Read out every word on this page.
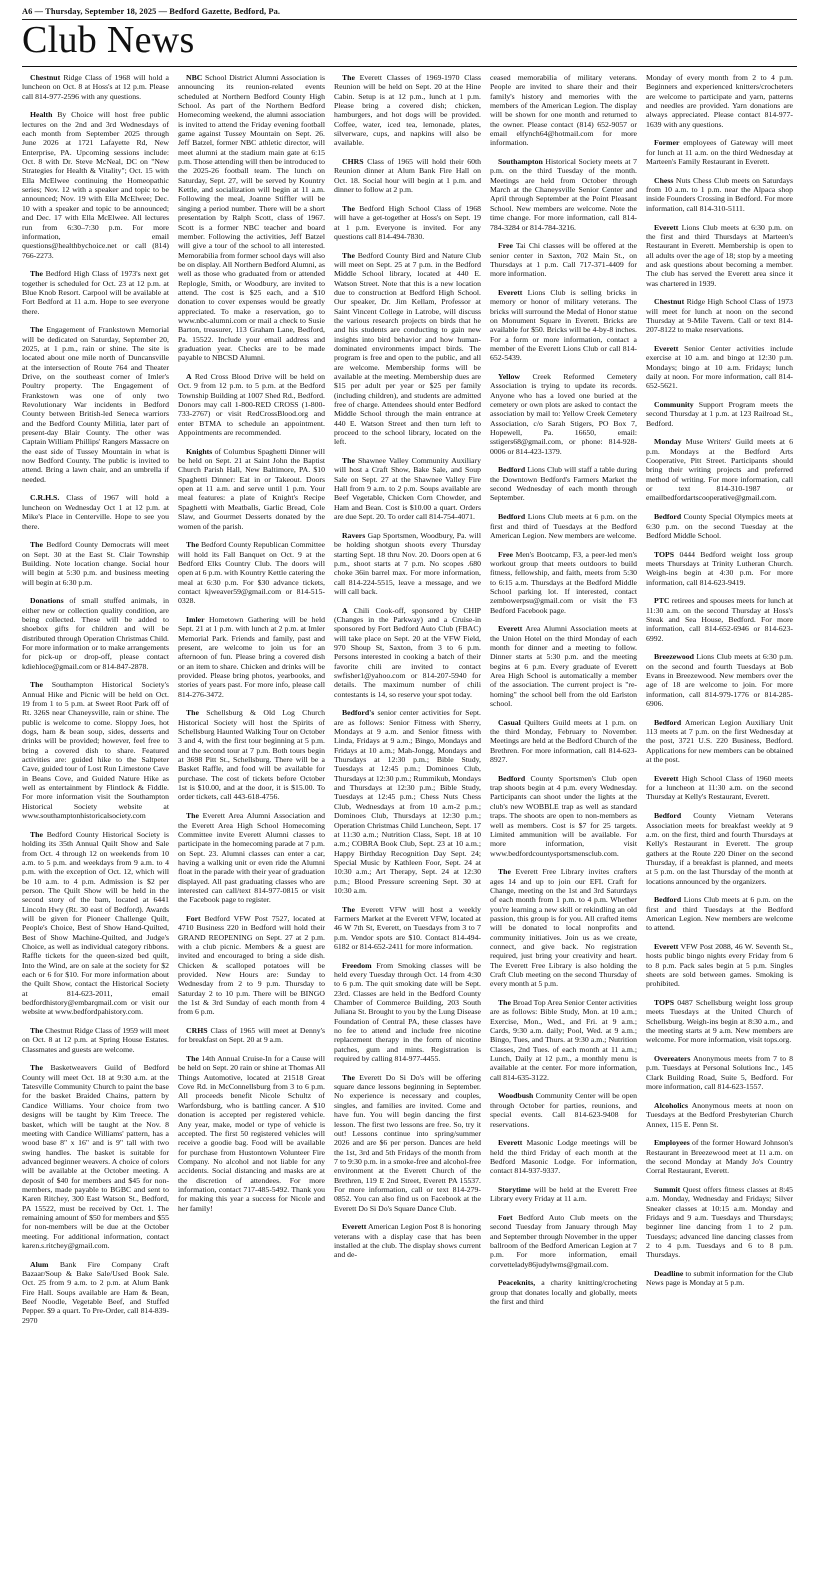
A6 — Thursday, September 18, 2025 — Bedford Gazette, Bedford, Pa.
Club News

Chestnut Ridge Class of 1968 will hold a luncheon on Oct. 8 at Hoss's at 12 p.m. Please call 814-977-2596 with any questions.

Health By Choice will host free public lectures on the 2nd and 3rd Wednesdays of each month from September 2025 through June 2026 at 1721 Lafayette Rd, New Enterprise, PA. Upcoming sessions include: Oct. 8 with Dr. Steve McNeal, DC on "New Strategies for Health & Vitality"; Oct. 15 with Ella McElwee continuing the Homeopathic series; Nov. 12 with a speaker and topic to be announced; Nov. 19 with Ella McElwee; Dec. 10 with a speaker and topic to be announced; and Dec. 17 with Ella McElwee. All lectures run from 6:30–7:30 p.m. For more information, email questions@healthbychoice.net or call (814) 766-2273.

The Bedford High Class of 1973's next get together is scheduled for Oct. 23 at 12 p.m. at Blue Knob Resort. Carpool will be available at Fort Bedford at 11 a.m. Hope to see everyone there.

The Engagement of Frankstown Memorial will be dedicated on Saturday, September 20, 2025, at 1 p.m., rain or shine. The site is located about one mile north of Duncansville at the intersection of Route 764 and Theater Drive, on the southeast corner of Imler's Poultry property. The Engagement of Frankstown was one of only two Revolutionary War incidents in Bedford County between British-led Seneca warriors and the Bedford County Militia, later part of present-day Blair County. The other was Captain William Phillips' Rangers Massacre on the east side of Tussey Mountain in what is now Bedford County. The public is invited to attend. Bring a lawn chair, and an umbrella if needed.

C.R.H.S. Class of 1967 will hold a luncheon on Wednesday Oct 1 at 12 p.m. at Mike's Place in Centerville. Hope to see you there.

The Bedford County Democrats will meet on Sept. 30 at the East St. Clair Township Building. Note location change. Social hour will begin at 5:30 p.m. and business meeting will begin at 6:30 p.m.

Donations of small stuffed animals, in either new or collection quality condition, are being collected. These will be added to shoebox gifts for children and will be distributed through Operation Christmas Child. For more information or to make arrangements for pick-up or drop-off, please contact kdiehloce@gmail.com or 814-847-2878.

The Southampton Historical Society's Annual Hike and Picnic will be held on Oct. 19 from 1 to 5 p.m. at Sweet Root Park off of Rt. 326S near Chaneysville, rain or shine. The public is welcome to come. Sloppy Joes, hot dogs, ham & bean soup, sides, desserts and drinks will be provided; however, feel free to bring a covered dish to share. Featured activities are: guided hike to the Saltpeter Cave, guided tour of Lost Run Limestone Cave in Beans Cove, and Guided Nature Hike as well as entertainment by Flintlock & Fiddle. For more information visit the Southampton Historical Society website at www.southamptonhistoricalsociety.com

The Bedford County Historical Society is holding its 35th Annual Quilt Show and Sale from Oct. 4 through 12 on weekends from 10 a.m. to 5 p.m. and weekdays from 9 a.m. to 4 p.m. with the exception of Oct. 12, which will be 10 a.m. to 4 p.m. Admission is $2 per person. The Quilt Show will be held in the second story of the barn, located at 6441 Lincoln Hwy (Rt. 30 east of Bedford). Awards will be given for Pioneer Challenge Quilt, People's Choice, Best of Show Hand-Quilted, Best of Show Machine-Quilted, and Judge's Choice, as well as individual category ribbons. Raffle tickets for the queen-sized bed quilt, Into the Wind, are on sale at the society for $2 each or 6 for $10. For more information about the Quilt Show, contact the Historical Society at 814-623-2011, email bedfordhistory@embarqmail.com or visit our website at www.bedfordpahistory.com.

The Chestnut Ridge Class of 1959 will meet on Oct. 8 at 12 p.m. at Spring House Estates. Classmates and guests are welcome.

The Basketweavers Guild of Bedford County will meet Oct. 18 at 9:30 a.m. at the Tatesville Community Church to paint the base for the basket Braided Chains, pattern by Candice Williams. Your choice from two designs will be taught by Kim Treece. The basket, which will be taught at the Nov. 8 meeting with Candice Williams' pattern, has a wood base 8" x 16" and is 9" tall with two swing handles. The basket is suitable for advanced beginner weavers. A choice of colors will be available at the October meeting. A deposit of $40 for members and $45 for non-members, made payable to BGBC and sent to Karen Ritchey, 300 East Watson St., Bedford, PA 15522, must be received by Oct. 1. The remaining amount of $50 for members and $55 for non-members will be due at the October meeting. For additional information, contact karen.s.ritchey@gmail.com.

Alum Bank Fire Company Craft Bazaar/Soup & Bake Sale/Used Book Sale. Oct. 25 from 9 a.m. to 2 p.m. at Alum Bank Fire Hall. Soups available are Ham & Bean, Beef Noodle, Vegetable Beef, and Stuffed Pepper. $9 a quart. To Pre-Order, call 814-839-2970

NBC School District Alumni Association is announcing its reunion-related events scheduled at Northern Bedford County High School. As part of the Northern Bedford Homecoming weekend, the alumni association is invited to attend the Friday evening football game against Tussey Mountain on Sept. 26. Jeff Batzel, former NBC athletic director, will meet alumni at the stadium main gate at 6:15 p.m. Those attending will then be introduced to the 2025-26 football team. The lunch on Saturday, Sept. 27, will be served by Kountry Kettle, and socialization will begin at 11 a.m. Following the meal, Joanne Stiffler will be singing a period number. There will be a short presentation by Ralph Scott, class of 1967. Scott is a former NBC teacher and board member. Following the activities, Jeff Batzel will give a tour of the school to all interested. Memorabilia from former school days will also be on display. All Northern Bedford Alumni, as well as those who graduated from or attended Replogle, Smith, or Woodbury, are invited to attend. The cost is $25 each, and a $10 donation to cover expenses would be greatly appreciated. To make a reservation, go to www.nbc-alumni.com or mail a check to Susie Barton, treasurer, 113 Graham Lane, Bedford, Pa. 15522. Include your email address and graduation year. Checks are to be made payable to NBCSD Alumni.

A Red Cross Blood Drive will be held on Oct. 9 from 12 p.m. to 5 p.m. at the Bedford Township Building at 1007 Shed Rd., Bedford. Donors may call 1-800-RED CROSS (1-800-733-2767) or visit RedCrossBlood.org and enter BTMA to schedule an appointment. Appointments are recommended.

Knights of Columbus Spaghetti Dinner will be held on Sept. 21 at Saint John the Baptist Church Parish Hall, New Baltimore, PA. $10 Spaghetti Dinner: Eat in or Takeout. Doors open at 11 a.m. and serve until 1 p.m. Your meal features: a plate of Knight's Recipe Spaghetti with Meatballs, Garlic Bread, Cole Slaw, and Gourmet Desserts donated by the women of the parish.

The Bedford County Republican Committee will hold its Fall Banquet on Oct. 9 at the Bedford Elks Country Club. The doors will open at 6 p.m. with Kountry Kettle catering the meal at 6:30 p.m. For $30 advance tickets, contact kjweaver59@gmail.com or 814-515-0328.

Imler Hometown Gathering will be held Sept. 21 at 1 p.m. with lunch at 2 p.m. at Imler Memorial Park. Friends and family, past and present, are welcome to join us for an afternoon of fun. Please bring a covered dish or an item to share. Chicken and drinks will be provided. Please bring photos, yearbooks, and stories of years past. For more info, please call 814-276-3472.

The Schellsburg & Old Log Church Historical Society will host the Spirits of Schellsburg Haunted Walking Tour on October 3 and 4, with the first tour beginning at 5 p.m. and the second tour at 7 p.m. Both tours begin at 3698 Pitt St., Schellsburg. There will be a Basket Raffle, and food will be available for purchase. The cost of tickets before October 1st is $10.00, and at the door, it is $15.00. To order tickets, call 443-618-4756.

The Everett Area Alumni Association and the Everett Area High School Homecoming Committee invite Everett Alumni classes to participate in the homecoming parade at 7 p.m. on Sept. 23. Alumni classes can enter a car, having a walking unit or even ride the Alumni float in the parade with their year of graduation displayed. All past graduating classes who are interested can call/text 814-977-0815 or visit the Facebook page to register.

Fort Bedford VFW Post 7527, located at 4710 Business 220 in Bedford will hold their GRAND REOPENING on Sept. 27 at 2 p.m. with a club picnic. Members & a guest are invited and encouraged to bring a side dish. Chicken & scalloped potatoes will be provided. New Hours are: Sunday to Wednesday from 2 to 9 p.m. Thursday to Saturday 2 to 10 p.m. There will be BINGO the 1st & 3rd Sunday of each month from 4 from 6 p.m.

CRHS Class of 1965 will meet at Denny's for breakfast on Sept. 20 at 9 a.m.

The 14th Annual Cruise-In for a Cause will be held on Sept. 20 rain or shine at Thomas All Things Automotive, located at 21518 Great Cove Rd. in McConnellsburg from 3 to 6 p.m. All proceeds benefit Nicole Schultz of Warfordsburg, who is battling cancer. A $10 donation is accepted per registered vehicle. Any year, make, model or type of vehicle is accepted. The first 50 registered vehicles will receive a goodie bag. Food will be available for purchase from Hustontown Volunteer Fire Company. No alcohol and not liable for any accidents. Social distancing and masks are at the discretion of attendees. For more information, contact 717-485-5492. Thank you for making this year a success for Nicole and her family!

The Everett Classes of 1969-1970 Class Reunion will be held on Sept. 20 at the Hine Cabin. Setup is at 12 p.m., lunch at 1 p.m. Please bring a covered dish; chicken, hamburgers, and hot dogs will be provided. Coffee, water, iced tea, lemonade, plates, silverware, cups, and napkins will also be available.

CHRS Class of 1965 will hold their 60th Reunion dinner at Alum Bank Fire Hall on Oct. 18. Social hour will begin at 1 p.m. and dinner to follow at 2 p.m.

The Bedford High School Class of 1968 will have a get-together at Hoss's on Sept. 19 at 1 p.m. Everyone is invited. For any questions call 814-494-7830.

The Bedford County Bird and Nature Club will meet on Sept. 25 at 7 p.m. in the Bedford Middle School library, located at 440 E. Watson Street. Note that this is a new location due to construction at Bedford High School. Our speaker, Dr. Jim Kellam, Professor at Saint Vincent College in Latrobe, will discuss the various research projects on birds that he and his students are conducting to gain new insights into bird behavior and how human-dominated environments impact birds. The program is free and open to the public, and all are welcome. Membership forms will be available at the meeting. Membership dues are $15 per adult per year or $25 per family (including children), and students are admitted free of charge. Attendees should enter Bedford Middle School through the main entrance at 440 E. Watson Street and then turn left to proceed to the school library, located on the left.

The Shawnee Valley Community Auxiliary will host a Craft Show, Bake Sale, and Soup Sale on Sept. 27 at the Shawnee Valley Fire Hall from 9 a.m. to 2 p.m. Soups available are Beef Vegetable, Chicken Corn Chowder, and Ham and Bean. Cost is $10.00 a quart. Orders are due Sept. 20. To order call 814-754-4071.

Ravers Gap Sportsmen, Woodbury, Pa. will be holding shotgun shoots every Thursday starting Sept. 18 thru Nov. 20. Doors open at 6 p.m., shoot starts at 7 p.m. No scopes .680 choke 36in barrel max. For more information, call 814-224-5515, leave a message, and we will call back.

A Chili Cook-off, sponsored by CHIP (Changes in the Parkway) and a Cruise-in sponsored by Fort Bedford Auto Club (FBAC) will take place on Sept. 20 at the VFW Field, 970 Shoup St, Saxton, from 3 to 6 p.m. Persons interested in cooking a batch of their favorite chili are invited to contact swfisher1@yahoo.com or 814-207-5940 for details. The maximum number of chili contestants is 14, so reserve your spot today.

Bedford's senior center activities for Sept. are as follows: Senior Fitness with Sherry, Mondays at 9 a.m. and Senior fitness with Linda, Fridays at 9 a.m.; Bingo, Mondays and Fridays at 10 a.m.; Mah-Jongg, Mondays and Thursdays at 12:30 p.m.; Bible Study, Tuesdays at 12:45 p.m.; Dominoes Club, Thursdays at 12:30 p.m.; Rummikub, Mondays and Thursdays at 12:30 p.m.; Bible Study, Tuesdays at 12:45 p.m.; Chess Nuts Chess Club, Wednesdays at from 10 a.m-2 p.m.; Dominoes Club, Thursdays at 12:30 p.m.; Operation Christmas Child Luncheon, Sept. 17 at 11:30 a.m.; Nutrition Class, Sept. 18 at 10 a.m.; COBRA Book Club, Sept. 23 at 10 a.m.; Happy Birthday Recognition Day Sept. 24; Special Music by Kathleen Foor, Sept. 24 at 10:30 a.m.; Art Therapy, Sept. 24 at 12:30 p.m.; Blood Pressure screening Sept. 30 at 10:30 a.m.

The Everett VFW will host a weekly Farmers Market at the Everett VFW, located at 46 W 7th St, Everett, on Tuesdays from 3 to 7 p.m. Vendor spots are $10. Contact 814-494-6182 or 814-652-2411 for more information.

Freedom From Smoking classes will be held every Tuesday through Oct. 14 from 4:30 to 6 p.m. The quit smoking date will be Sept. 23rd. Classes are held in the Bedford County Chamber of Commerce Building, 203 South Juliana St. Brought to you by the Lung Disease Foundation of Central PA, these classes have no fee to attend and include free nicotine replacement therapy in the form of nicotine patches, gum and mints. Registration is required by calling 814-977-4455.

The Everett Do Si Do's will be offering square dance lessons beginning in September. No experience is necessary and couples, singles, and families are invited. Come and have fun. You will begin dancing the first lesson. The first two lessons are free. So, try it out! Lessons continue into spring/summer 2026 and are $6 per person. Dances are held the 1st, 3rd and 5th Fridays of the month from 7 to 9:30 p.m. in a smoke-free and alcohol-free environment at the Everett Church of the Brethren, 119 E 2nd Street, Everett PA 15537. For more information, call or text 814-279-0852. You can also find us on Facebook at the Everett Do Si Do's Square Dance Club.

Everett American Legion Post 8 is honoring veterans with a display case that has been installed at the club. The display shows current and de-

ceased memorabilia of military veterans. People are invited to share their and their family's history and memories with the members of the American Legion. The display will be shown for one month and returned to the owner. Please contact (814) 652-9057 or email elfynch64@hotmail.com for more information.

Southampton Historical Society meets at 7 p.m. on the third Tuesday of the month. Meetings are held from October through March at the Chaneysville Senior Center and April through September at the Point Pleasant School. New members are welcome. Note the time change. For more information, call 814-784-3284 or 814-784-3216.

Free Tai Chi classes will be offered at the senior center in Saxton, 702 Main St., on Thursdays at 1 p.m. Call 717-371-4409 for more information.

Everett Lions Club is selling bricks in memory or honor of military veterans. The bricks will surround the Medal of Honor statue on Monument Square in Everett. Bricks are available for $50. Bricks will be 4-by-8 inches. For a form or more information, contact a member of the Everett Lions Club or call 814-652-5439.

Yellow Creek Reformed Cemetery Association is trying to update its records. Anyone who has a loved one buried at the cemetery or own plots are asked to contact the association by mail to: Yellow Creek Cemetery Association, c/o Sarah Stigers, PO Box 7, Hopewell, Pa. 16650, email: sstigers68@gmail.com, or phone: 814-928-0006 or 814-423-1379.

Bedford Lions Club will staff a table during the Downtown Bedford's Farmers Market the second Wednesday of each month through September.

Bedford Lions Club meets at 6 p.m. on the first and third of Tuesdays at the Bedford American Legion. New members are welcome.

Free Men's Bootcamp, F3, a peer-led men's workout group that meets outdoors to build fitness, fellowship, and faith, meets from 5:30 to 6:15 a.m. Thursdays at the Bedford Middle School parking lot. If interested, contact zembowerpsu@gmail.com or visit the F3 Bedford Facebook page.

Everett Area Alumni Association meets at the Union Hotel on the third Monday of each month for dinner and a meeting to follow. Dinner starts at 5:30 p.m. and the meeting begins at 6 p.m. Every graduate of Everett Area High School is automatically a member of the association. The current project is "re-homing" the school bell from the old Earlston school.

Casual Quilters Guild meets at 1 p.m. on the third Monday, February to November. Meetings are held at the Bedford Church of the Brethren. For more information, call 814-623-8927.

Bedford County Sportsmen's Club open trap shoots begin at 4 p.m. every Wednesday. Participants can shoot under the lights at the club's new WOBBLE trap as well as standard traps. The shoots are open to non-members as well as members. Cost is $7 for 25 targets. Limited ammunition will be available. For more information, visit www.bedfordcountysportsmensclub.com.

The Everett Free Library invites crafters ages 14 and up to join our EFL Craft for Change, meeting on the 1st and 3rd Saturdays of each month from 1 p.m. to 4 p.m. Whether you're learning a new skill or rekindling an old passion, this group is for you. All crafted items will be donated to local nonprofits and community initiatives. Join us as we create, connect, and give back. No registration required, just bring your creativity and heart. The Everett Free Library is also holding the Craft Club meeting on the second Thursday of every month at 5 p.m.

The Broad Top Area Senior Center activities are as follows: Bible Study, Mon. at 10 a.m.; Exercise, Mon., Wed., and Fri. at 9 a.m.; Cards, 9:30 a.m. daily; Pool, Wed. at 9 a.m.; Bingo, Tues, and Thurs. at 9:30 a.m.; Nutrition Classes, 2nd Tues. of each month at 11 a.m.; Lunch, Daily at 12 p.m., a monthly menu is available at the center. For more information, call 814-635-3122.

Woodbush Community Center will be open through October for parties, reunions, and special events. Call 814-623-9408 for reservations.

Everett Masonic Lodge meetings will be held the third Friday of each month at the Bedford Masonic Lodge. For information, contact 814-937-9337.

Storytime will be held at the Everett Free Library every Friday at 11 a.m.

Fort Bedford Auto Club meets on the second Tuesday from January through May and September through November in the upper ballroom of the Bedford American Legion at 7 p.m. For more information, email corvettelady86judylwms@gmail.com.

Peaceknits, a charity knitting/crocheting group that donates locally and globally, meets the first and third

Monday of every month from 2 to 4 p.m. Beginners and experienced knitters/crocheters are welcome to participate and yarn, patterns and needles are provided. Yarn donations are always appreciated. Please contact 814-977-1639 with any questions.

Former employees of Gateway will meet for lunch at 11 a.m. on the third Wednesday at Marteen's Family Restaurant in Everett.

Chess Nuts Chess Club meets on Saturdays from 10 a.m. to 1 p.m. near the Alpaca shop inside Founders Crossing in Bedford. For more information, call 814-310-5111.

Everett Lions Club meets at 6:30 p.m. on the first and third Thursdays at Marteen's Restaurant in Everett. Membership is open to all adults over the age of 18; stop by a meeting and ask questions about becoming a member. The club has served the Everett area since it was chartered in 1939.

Chestnut Ridge High School Class of 1973 will meet for lunch at noon on the second Thursday at 9-Mile Tavern. Call or text 814-207-8122 to make reservations.

Everett Senior Center activities include exercise at 10 a.m. and bingo at 12:30 p.m. Mondays; bingo at 10 a.m. Fridays; lunch daily at noon. For more information, call 814-652-5621.

Community Support Program meets the second Thursday at 1 p.m. at 123 Railroad St., Bedford.

Monday Muse Writers' Guild meets at 6 p.m. Mondays at the Bedford Arts Cooperative, Pitt Street. Participants should bring their writing projects and preferred method of writing. For more information, call or text 814-310-1987 or emailbedfordartscooperative@gmail.com.

Bedford County Special Olympics meets at 6:30 p.m. on the second Tuesday at the Bedford Middle School.

TOPS 0444 Bedford weight loss group meets Thursdays at Trinity Lutheran Church. Weigh-ins begin at 4:30 p.m. For more information, call 814-623-9419.

PTC retirees and spouses meets for lunch at 11:30 a.m. on the second Thursday at Hoss's Steak and Sea House, Bedford. For more information, call 814-652-6946 or 814-623-6992.

Breezewood Lions Club meets at 6:30 p.m. on the second and fourth Tuesdays at Bob Evans in Breezewood. New members over the age of 18 are welcome to join. For more information, call 814-979-1776 or 814-285-6906.

Bedford American Legion Auxiliary Unit 113 meets at 7 p.m. on the first Wednesday at the post, 3721 U.S. 220 Business, Bedford. Applications for new members can be obtained at the post.

Everett High School Class of 1960 meets for a luncheon at 11:30 a.m. on the second Thursday at Kelly's Restaurant, Everett.

Bedford County Vietnam Veterans Association meets for breakfast weekly at 9 a.m. on the first, third and fourth Thursdays at Kelly's Restaurant in Everett. The group gathers at the Route 220 Diner on the second Thursday, if a breakfast is planned, and meets at 5 p.m. on the last Thursday of the month at locations announced by the organizers.

Bedford Lions Club meets at 6 p.m. on the first and third Tuesdays at the Bedford American Legion. New members are welcome to attend.

Everett VFW Post 2088, 46 W. Seventh St., hosts public bingo nights every Friday from 6 to 8 p.m. Pack sales begin at 5 p.m. Singles sheets are sold between games. Smoking is prohibited.

TOPS 0487 Schellsburg weight loss group meets Tuesdays at the United Church of Schellsburg. Weigh-ins begin at 8:30 a.m., and the meeting starts at 9 a.m. New members are welcome. For more information, visit tops.org.

Overeaters Anonymous meets from 7 to 8 p.m. Tuesdays at Personal Solutions Inc., 145 Clark Building Road, Suite 5, Bedford. For more information, call 814-623-1557.

Alcoholics Anonymous meets at noon on Tuesdays at the Bedford Presbyterian Church Annex, 115 E. Penn St.

Employees of the former Howard Johnson's Restaurant in Breezewood meet at 11 a.m. on the second Monday at Mandy Jo's Country Corral Restaurant, Everett.

Summit Quest offers fitness classes at 8:45 a.m. Monday, Wednesday and Fridays; Silver Sneaker classes at 10:15 a.m. Monday and Fridays and 9 a.m. Tuesdays and Thursdays; beginner line dancing from 1 to 2 p.m. Tuesdays; advanced line dancing classes from 2 to 4 p.m. Tuesdays and 6 to 8 p.m. Thursdays.

Deadline to submit information for the Club News page is Monday at 5 p.m.
